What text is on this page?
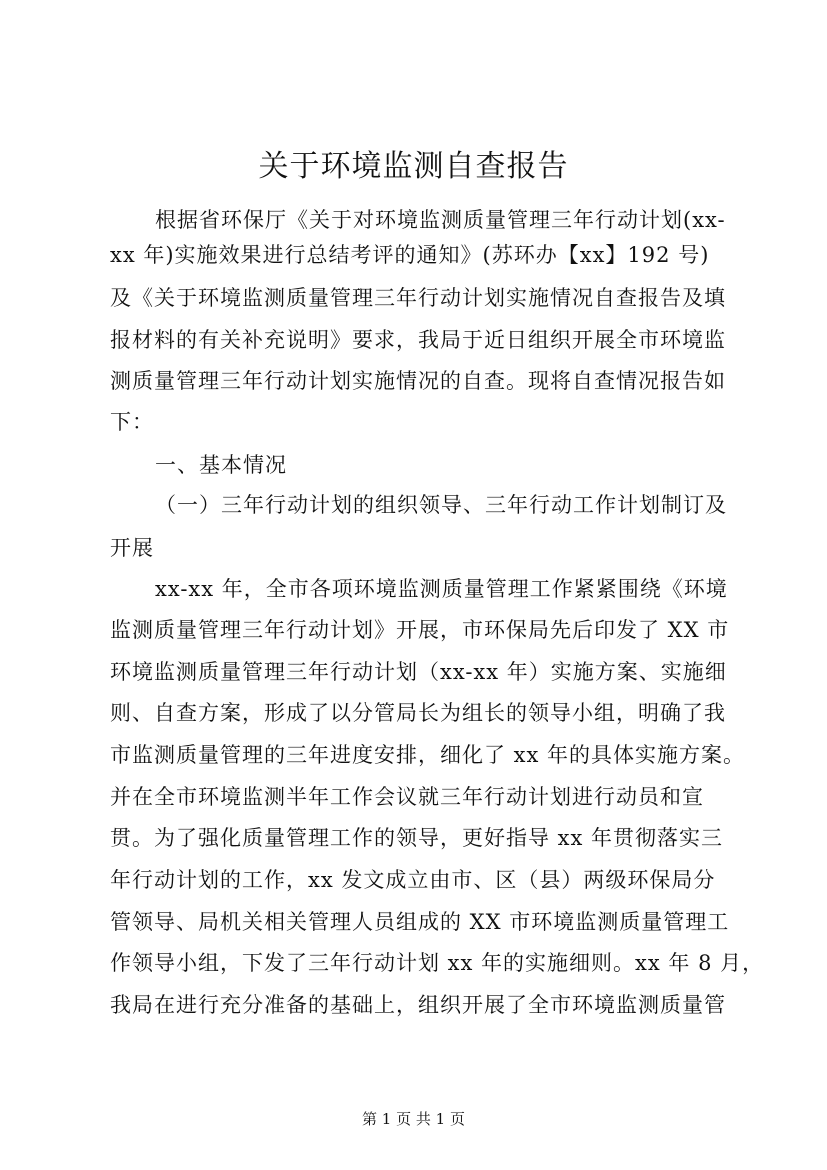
关于环境监测自查报告

根据省环保厅《关于对环境监测质量管理三年行动计划(xx-

xx 年)实施效果进行总结考评的通知》(苏环办【xx】192 号)

及《关于环境监测质量管理三年行动计划实施情况自查报告及填

报材料的有关补充说明》要求，我局于近日组织开展全市环境监

测质量管理三年行动计划实施情况的自查。现将自查情况报告如

下：

一、基本情况

（一）三年行动计划的组织领导、三年行动工作计划制订及

开展

xx-xx 年，全市各项环境监测质量管理工作紧紧围绕《环境

监测质量管理三年行动计划》开展，市环保局先后印发了 XX 市

环境监测质量管理三年行动计划（xx-xx 年）实施方案、实施细

则、自查方案，形成了以分管局长为组长的领导小组，明确了我

市监测质量管理的三年进度安排，细化了 xx 年的具体实施方案。

并在全市环境监测半年工作会议就三年行动计划进行动员和宣

贯。为了强化质量管理工作的领导，更好指导 xx 年贯彻落实三

年行动计划的工作，xx 发文成立由市、区（县）两级环保局分

管领导、局机关相关管理人员组成的 XX 市环境监测质量管理工

作领导小组，下发了三年行动计划 xx 年的实施细则。xx 年 8 月，

我局在进行充分准备的基础上，组织开展了全市环境监测质量管

第 1 页 共 1 页
